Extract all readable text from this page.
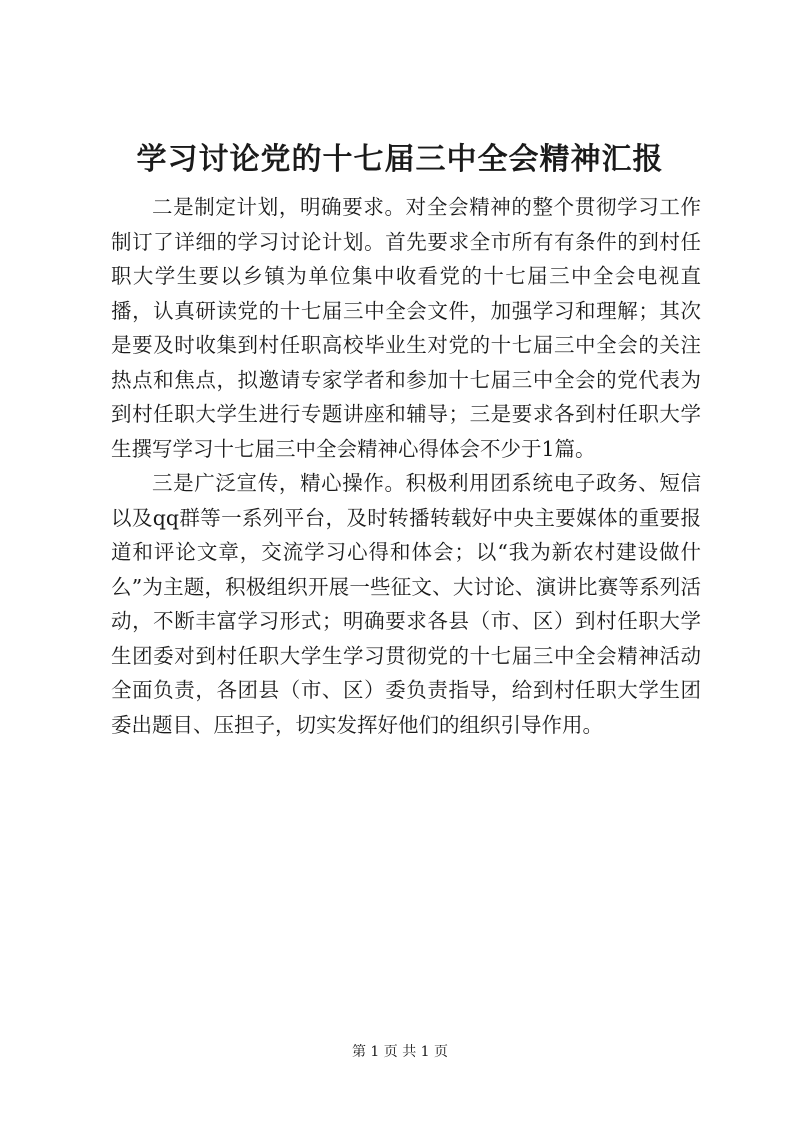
学习讨论党的十七届三中全会精神汇报

二是制定计划，明确要求。对全会精神的整个贯彻学习工作制订了详细的学习讨论计划。首先要求全市所有有条件的到村任职大学生要以乡镇为单位集中收看党的十七届三中全会电视直播，认真研读党的十七届三中全会文件，加强学习和理解；其次是要及时收集到村任职高校毕业生对党的十七届三中全会的关注热点和焦点，拟邀请专家学者和参加十七届三中全会的党代表为到村任职大学生进行专题讲座和辅导；三是要求各到村任职大学生撰写学习十七届三中全会精神心得体会不少于1篇。

三是广泛宣传，精心操作。积极利用团系统电子政务、短信以及qq群等一系列平台，及时转播转载好中央主要媒体的重要报道和评论文章，交流学习心得和体会；以“我为新农村建设做什么”为主题，积极组织开展一些征文、大讨论、演讲比赛等系列活动，不断丰富学习形式；明确要求各县（市、区）到村任职大学生团委对到村任职大学生学习贯彻党的十七届三中全会精神活动全面负责，各团县（市、区）委负责指导，给到村任职大学生团委出题目、压担子，切实发挥好他们的组织引导作用。

第 1 页 共 1 页
